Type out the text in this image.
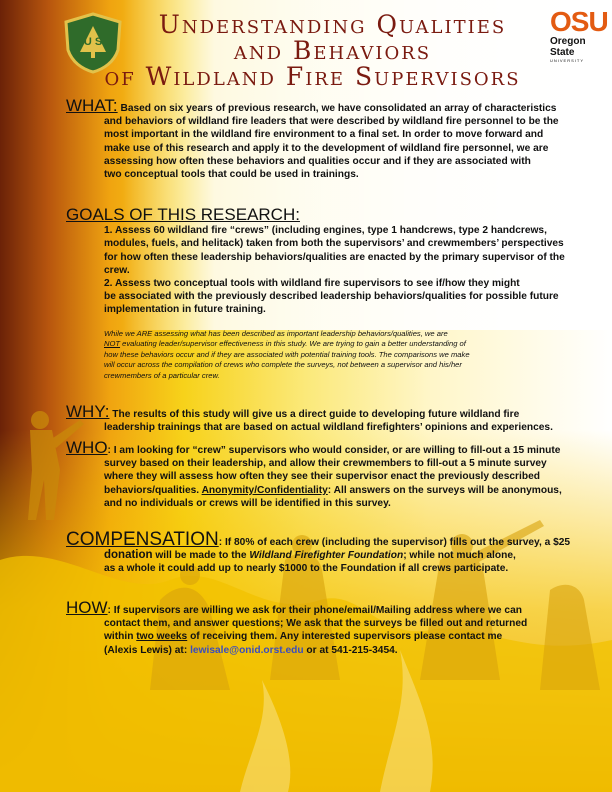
U S
Understanding Qualities
and Behaviors
of Wildland Fire Supervisors
OSU
Oregon State
UNIVERSITY

WHAT: Based on six years of previous research, we have consolidated an array of characteristics

and behaviors of wildland fire leaders that were described by wildland fire personnel to be the

most important in the wildland fire environment to a final set. In order to move forward and

make use of this research and apply it to the development of wildland fire personnel, we are

assessing how often these behaviors and qualities occur and if they are associated with

two conceptual tools that could be used in trainings.

GOALS OF THIS RESEARCH:

1. Assess 60 wildland fire “crews” (including engines, type 1 handcrews, type 2 handcrews,

modules, fuels, and helitack) taken from both the supervisors’ and crewmembers’ perspectives

for how often these leadership behaviors/qualities are enacted by the primary supervisor of the

crew.

2. Assess two conceptual tools with wildland fire supervisors to see if/how they might

be associated with the previously described leadership behaviors/qualities for possible future

implementation in future training.

While we ARE assessing what has been described as important leadership behaviors/qualities, we are

NOT evaluating leader/supervisor effectiveness in this study. We are trying to gain a better understanding of

how these behaviors occur and if they are associated with potential training tools. The comparisons we make

will occur across the compilation of crews who complete the surveys, not between a supervisor and his/her

crewmembers of a particular crew.

WHY: The results of this study will give us a direct guide to developing future wildland fire

leadership trainings that are based on actual wildland firefighters’ opinions and experiences.

WHO: I am looking for “crew” supervisors who would consider, or are willing to fill-out a 15 minute

survey based on their leadership, and allow their crewmembers to fill-out a 5 minute survey

where they will assess how often they see their supervisor enact the previously described

behaviors/qualities. Anonymity/Confidentiality: All answers on the surveys will be anonymous,

and no individuals or crews will be identified in this survey.

COMPENSATION: If 80% of each crew (including the supervisor) fills out the survey, a $25

donation will be made to the Wildland Firefighter Foundation; while not much alone,

as a whole it could add up to nearly $1000 to the Foundation if all crews participate.

HOW: If supervisors are willing we ask for their phone/email/Mailing address where we can

contact them, and answer questions; We ask that the surveys be filled out and returned

within two weeks of receiving them. Any interested supervisors please contact me

(Alexis Lewis) at: lewisale@onid.orst.edu or at 541-215-3454.
